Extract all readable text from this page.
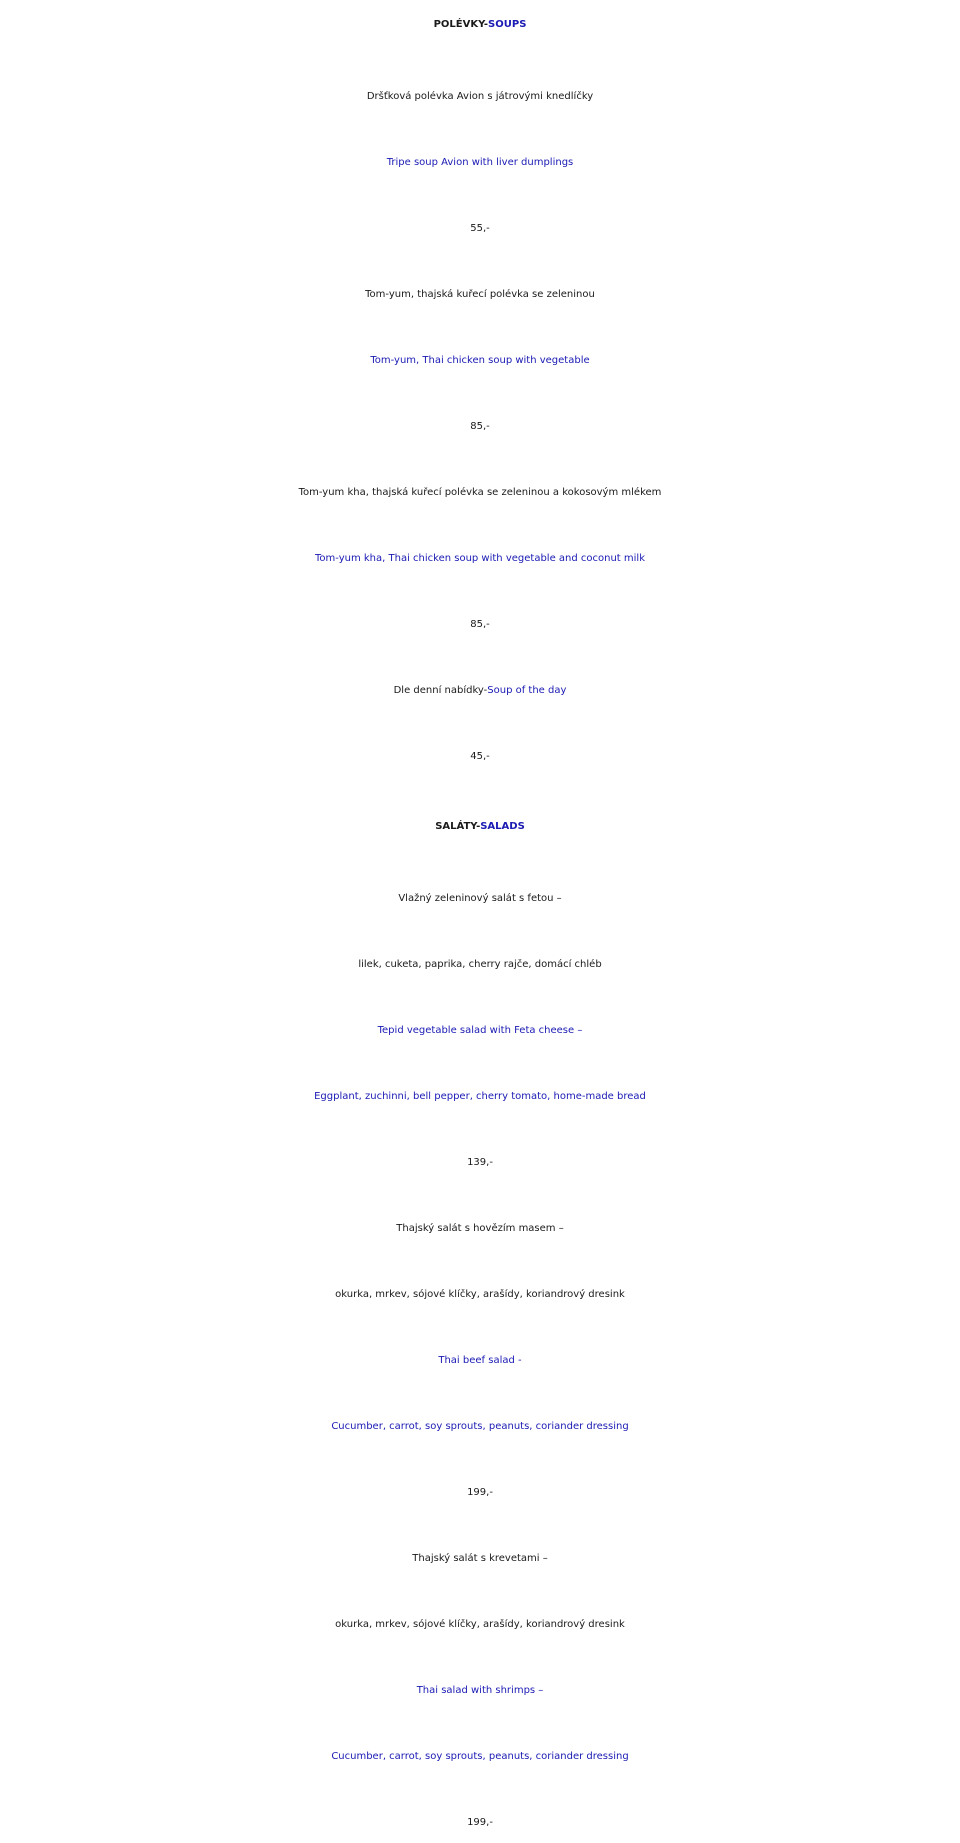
POLÉVKY-SOUPS
Dršťková polévka Avion s játrovými knedlíčky
Tripe soup Avion with liver dumplings
55,-
Tom-yum, thajská kuřecí polévka se zeleninou
Tom-yum, Thai chicken soup with vegetable
85,-
Tom-yum kha, thajská kuřecí polévka se zeleninou a kokosovým mlékem
Tom-yum kha, Thai chicken soup with vegetable and coconut milk
85,-
Dle denní nabídky-Soup of the day
45,-
SALÁTY-SALADS
Vlažný zeleninový salát s fetou –
lilek, cuketa, paprika, cherry rajče, domácí chléb
Tepid vegetable salad with Feta cheese –
Eggplant, zuchinni, bell pepper, cherry tomato, home-made bread
139,-
Thajský salát s hovězím masem –
okurka, mrkev, sójové klíčky, arašídy, koriandrový dresink
Thai beef salad -
Cucumber, carrot, soy sprouts, peanuts, coriander dressing
199,-
Thajský salát s krevetami –
okurka, mrkev, sójové klíčky, arašídy, koriandrový dresink
Thai salad with shrimps –
Cucumber, carrot, soy sprouts, peanuts, coriander dressing
199,-
